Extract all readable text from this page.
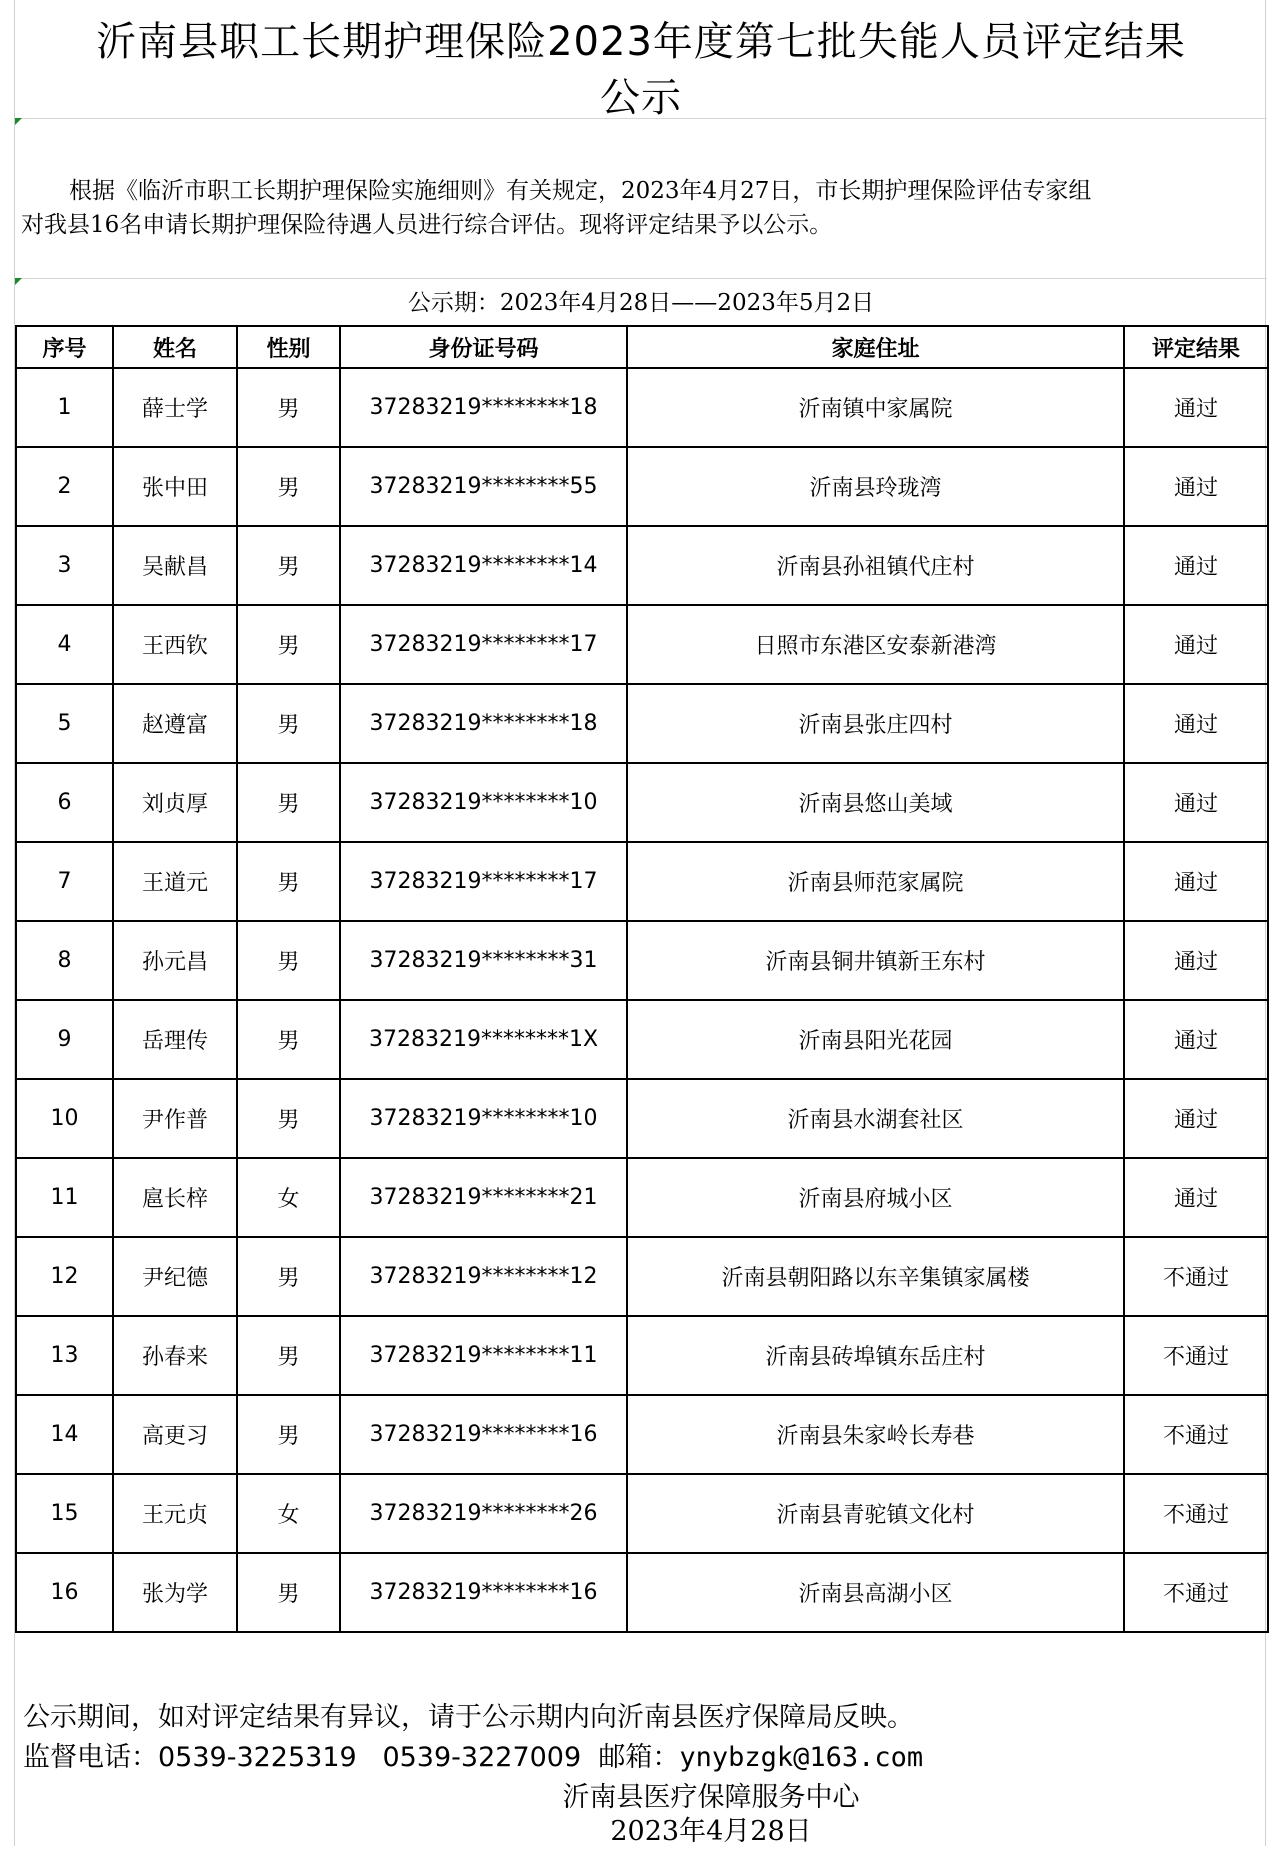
沂南县职工长期护理保险2023年度第七批失能人员评定结果
公示
根据《临沂市职工长期护理保险实施细则》有关规定，2023年4月27日，市长期护理保险评估专家组
对我县16名申请长期护理保险待遇人员进行综合评估。现将评定结果予以公示。
公示期：2023年4月28日——2023年5月2日
序号	姓名	性别	身份证号码	家庭住址	评定结果
1	薛士学	男	37283219********18	沂南镇中家属院	通过
2	张中田	男	37283219********55	沂南县玲珑湾	通过
3	吴献昌	男	37283219********14	沂南县孙祖镇代庄村	通过
4	王西钦	男	37283219********17	日照市东港区安泰新港湾	通过
5	赵遵富	男	37283219********18	沂南县张庄四村	通过
6	刘贞厚	男	37283219********10	沂南县悠山美域	通过
7	王道元	男	37283219********17	沂南县师范家属院	通过
8	孙元昌	男	37283219********31	沂南县铜井镇新王东村	通过
9	岳理传	男	37283219********1X	沂南县阳光花园	通过
10	尹作普	男	37283219********10	沂南县水湖套社区	通过
11	扈长梓	女	37283219********21	沂南县府城小区	通过
12	尹纪德	男	37283219********12	沂南县朝阳路以东辛集镇家属楼	不通过
13	孙春来	男	37283219********11	沂南县砖埠镇东岳庄村	不通过
14	高更习	男	37283219********16	沂南县朱家岭长寿巷	不通过
15	王元贞	女	37283219********26	沂南县青驼镇文化村	不通过
16	张为学	男	37283219********16	沂南县高湖小区	不通过
公示期间，如对评定结果有异议，请于公示期内向沂南县医疗保障局反映。
监督电话：0539-3225319 0539-3227009 邮箱：ynybzgk@163.com
沂南县医疗保障服务中心
2023年4月28日
